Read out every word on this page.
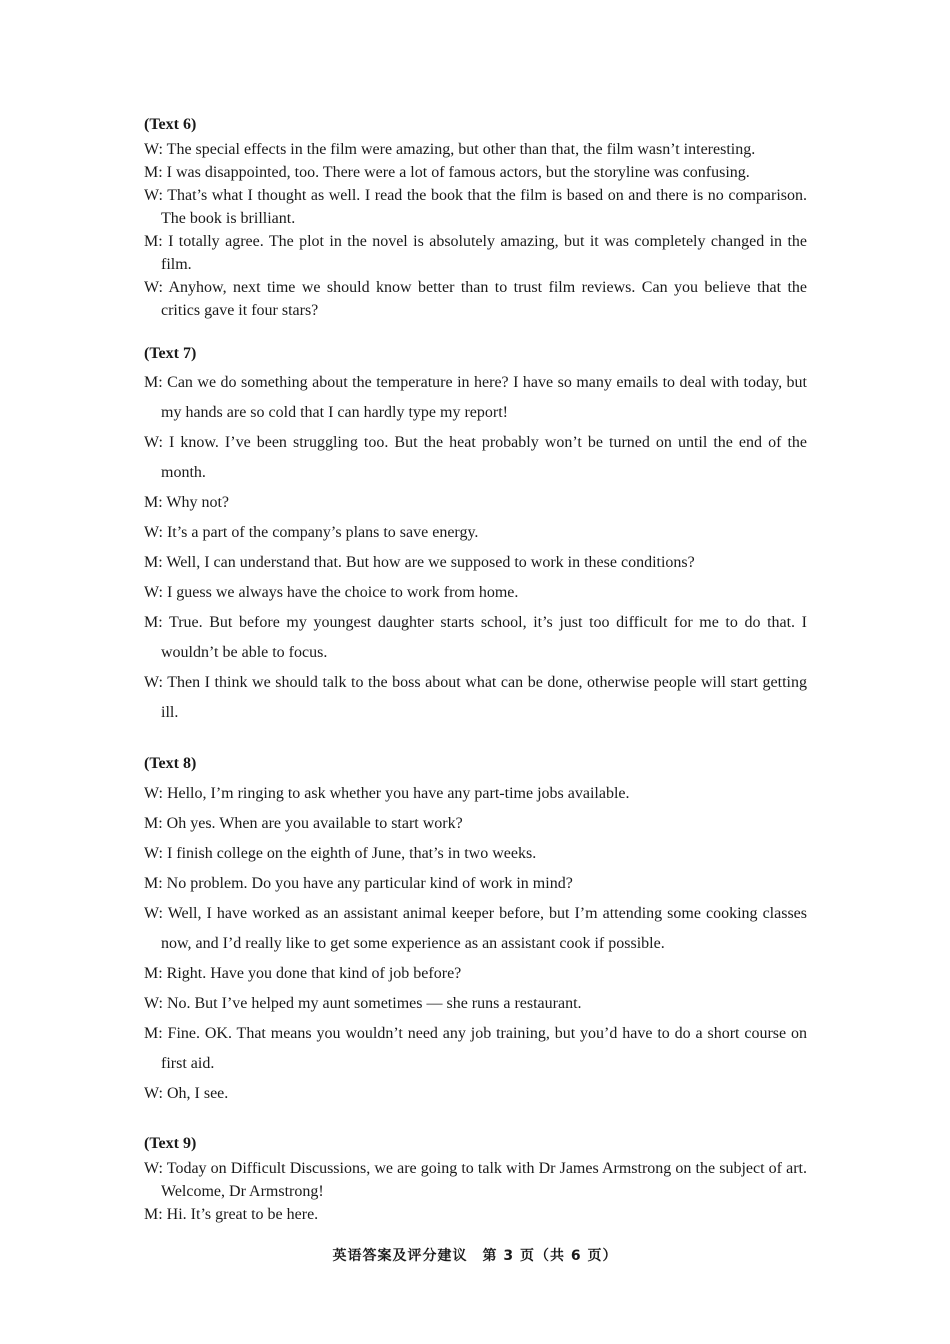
(Text 6)

W: The special effects in the film were amazing, but other than that, the film wasn’t interesting.

M: I was disappointed, too. There were a lot of famous actors, but the storyline was confusing.

W: That’s what I thought as well. I read the book that the film is based on and there is no comparison. The book is brilliant.

M: I totally agree. The plot in the novel is absolutely amazing, but it was completely changed in the film.

W: Anyhow, next time we should know better than to trust film reviews. Can you believe that the critics gave it four stars?

(Text 7)

M: Can we do something about the temperature in here? I have so many emails to deal with today, but my hands are so cold that I can hardly type my report!

W: I know. I’ve been struggling too. But the heat probably won’t be turned on until the end of the month.

M: Why not?

W: It’s a part of the company’s plans to save energy.

M: Well, I can understand that. But how are we supposed to work in these conditions?

W: I guess we always have the choice to work from home.

M: True. But before my youngest daughter starts school, it’s just too difficult for me to do that. I wouldn’t be able to focus.

W: Then I think we should talk to the boss about what can be done, otherwise people will start getting ill.

(Text 8)

W: Hello, I’m ringing to ask whether you have any part-time jobs available.

M: Oh yes. When are you available to start work?

W: I finish college on the eighth of June, that’s in two weeks.

M: No problem. Do you have any particular kind of work in mind?

W: Well, I have worked as an assistant animal keeper before, but I’m attending some cooking classes now, and I’d really like to get some experience as an assistant cook if possible.

M: Right. Have you done that kind of job before?

W: No. But I’ve helped my aunt sometimes — she runs a restaurant.

M: Fine. OK. That means you wouldn’t need any job training, but you’d have to do a short course on first aid.

W: Oh, I see.

(Text 9)

W: Today on Difficult Discussions, we are going to talk with Dr James Armstrong on the subject of art. Welcome, Dr Armstrong!

M: Hi. It’s great to be here.

英语答案及评分建议　第 3 页（共 6 页）
